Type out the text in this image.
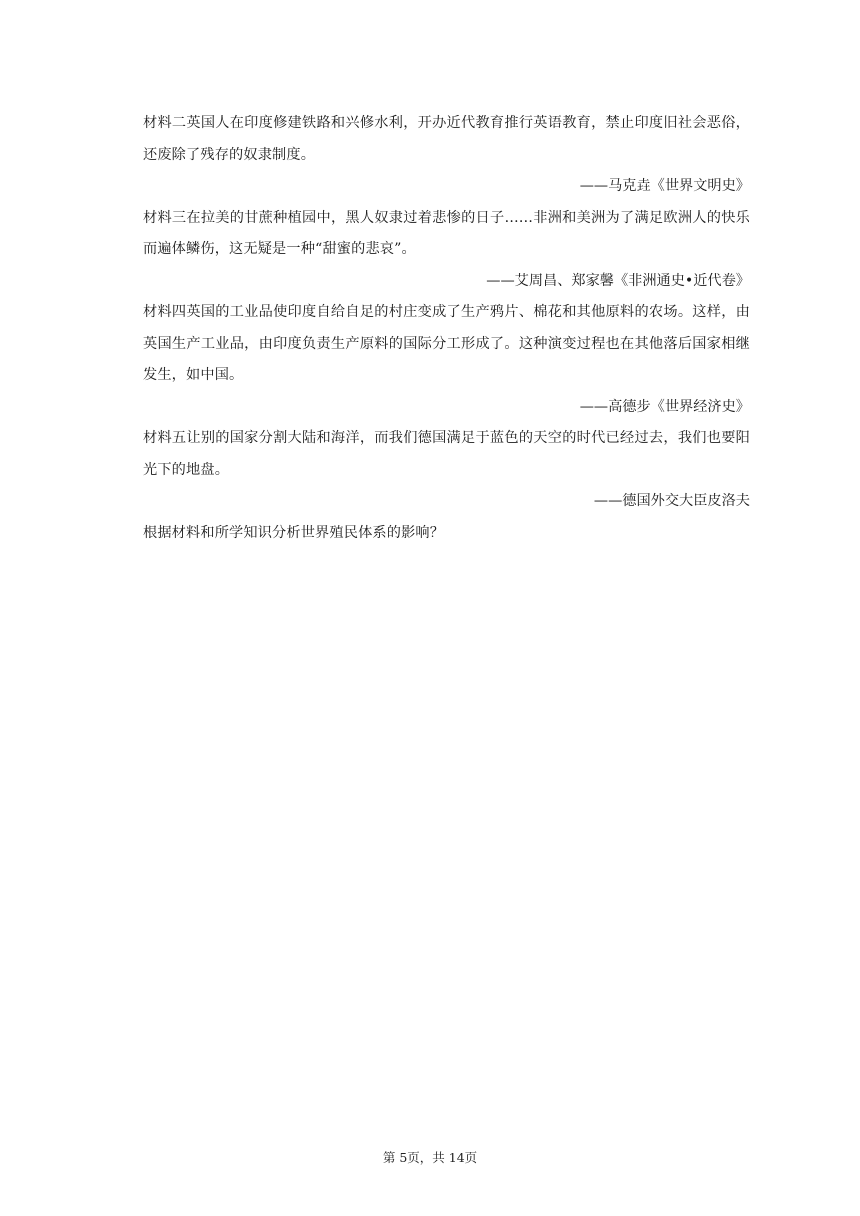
材料二英国人在印度修建铁路和兴修水利，开办近代教育推行英语教育，禁止印度旧社会恶俗，还废除了残存的奴隶制度。

——马克垚《世界文明史》

材料三在拉美的甘蔗种植园中，黑人奴隶过着悲惨的日子……非洲和美洲为了满足欧洲人的快乐而遍体鳞伤，这无疑是一种“甜蜜的悲哀”。

——艾周昌、郑家馨《非洲通史•近代卷》

材料四英国的工业品使印度自给自足的村庄变成了生产鸦片、棉花和其他原料的农场。这样，由英国生产工业品，由印度负责生产原料的国际分工形成了。这种演变过程也在其他落后国家相继发生，如中国。

——高德步《世界经济史》

材料五让别的国家分割大陆和海洋，而我们德国满足于蓝色的天空的时代已经过去，我们也要阳光下的地盘。

——德国外交大臣皮洛夫

根据材料和所学知识分析世界殖民体系的影响？

第 5页，共 14页
